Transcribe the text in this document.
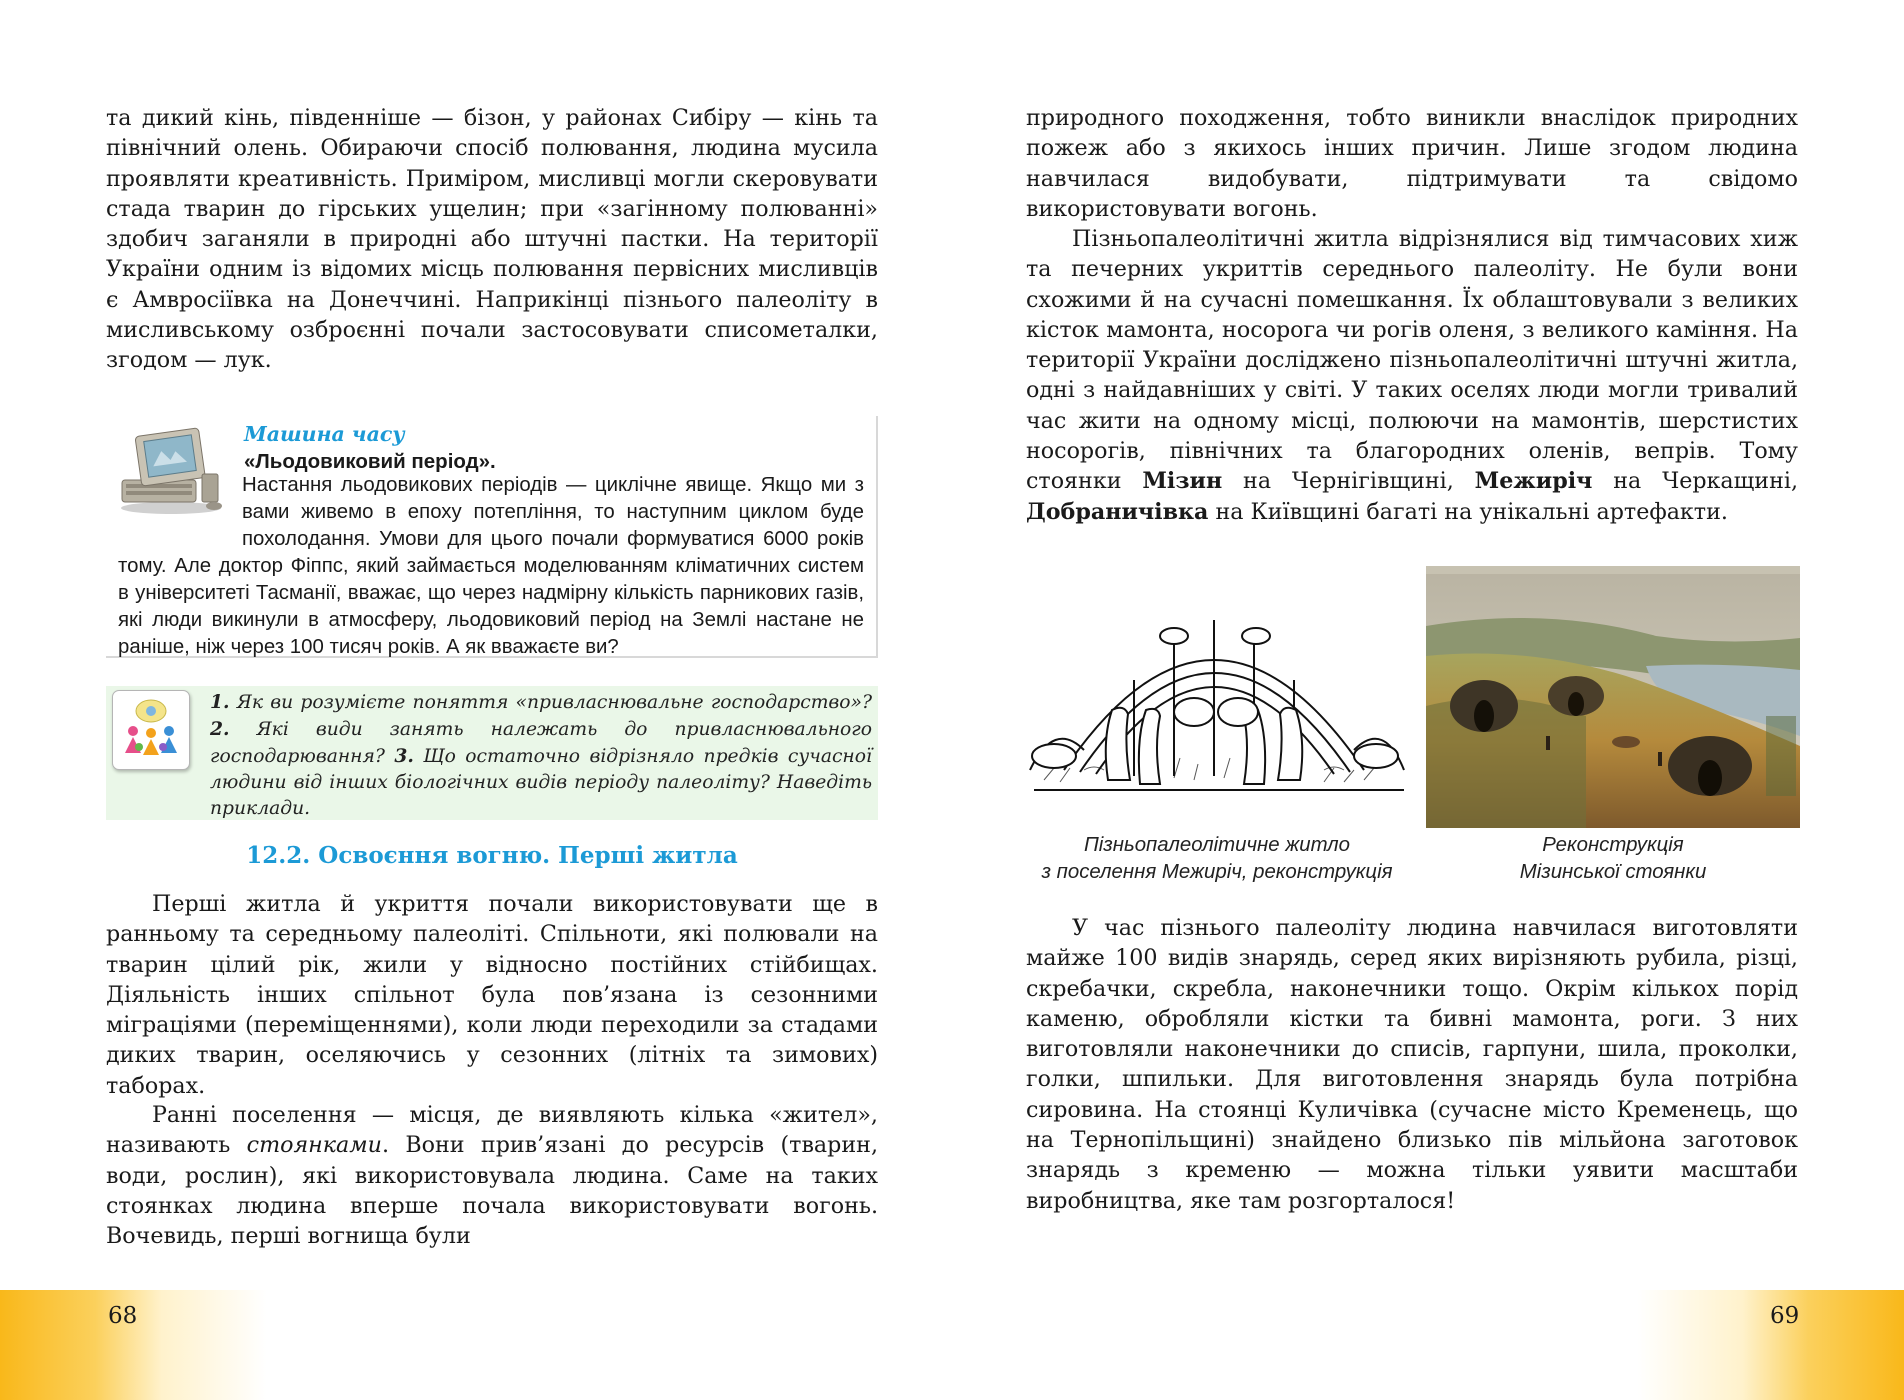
та дикий кінь, південніше — бізон, у районах Сибіру — кінь та північний олень. Обираючи спосіб полювання, людина мусила проявляти креативність. Приміром, мисливці могли скеровувати стада тварин до гірських ущелин; при «загінному полюванні» здобич заганяли в природні або штучні пастки. На території України одним із відомих місць полювання первісних мисливців є Амвросіївка на Донеччині. Наприкінці пізнього палеоліту в мисливському озброєнні почали застосовувати списометалки, згодом — лук.

Машина часу
«Льодовиковий період».

Настання льодовикових періодів — циклічне явище. Якщо ми з вами живемо в епоху потепління, то наступним циклом буде похолодання. Умови для цього почали формуватися 6000 років тому. Але доктор Фіппс, який займається моделюванням кліматичних систем в університеті Тасманії, вважає, що через надмірну кількість парникових газів, які люди викинули в атмосферу, льодовиковий період на Землі настане не раніше, ніж через 100 тисяч років. А як вважаєте ви?

1. Як ви розумієте поняття «привласнювальне господарство»? 2. Які види занять належать до привласнювального господарювання? 3. Що остаточно відрізняло предків сучасної людини від інших біологічних видів періоду палеоліту? Наведіть приклади.

12.2. Освоєння вогню. Перші житла

Перші житла й укриття почали використовувати ще в ранньому та середньому палеоліті. Спільноти, які полювали на тварин цілий рік, жили у відносно постійних стійбищах. Діяльність інших спільнот була пов’язана із сезонними міграціями (переміщеннями), коли люди переходили за стадами диких тварин, оселяючись у сезонних (літніх та зимових) таборах.

Ранні поселення — місця, де виявляють кілька «жител», називають стоянками. Вони прив’язані до ресурсів (тварин, води, рослин), які використовувала людина. Саме на таких стоянках людина вперше почала використовувати вогонь. Вочевидь, перші вогнища були

природного походження, тобто виникли внаслідок природних пожеж або з якихось інших причин. Лише згодом людина навчилася видобувати, підтримувати та свідомо використовувати вогонь.

Пізньопалеолітичні житла відрізнялися від тимчасових хиж та печерних укриттів середнього палеоліту. Не були вони схожими й на сучасні помешкання. Їх облаштовували з великих кісток мамонта, носорога чи рогів оленя, з великого каміння. На території України досліджено пізньопалеолітичні штучні житла, одні з найдавніших у світі. У таких оселях люди могли тривалий час жити на одному місці, полюючи на мамонтів, шерстистих носорогів, північних та благородних оленів, вепрів. Тому стоянки Мізин на Чернігівщині, Межиріч на Черкащині, Добраничівка на Київщині багаті на унікальні артефакти.

Пізньопалеолітичне житло
з поселення Межиріч, реконструкція
Реконструкція
Мізинської стоянки

У час пізнього палеоліту людина навчилася виготовляти майже 100 видів знарядь, серед яких вирізняють рубила, різці, скребачки, скребла, наконечники тощо. Окрім кількох порід каменю, обробляли кістки та бивні мамонта, роги. З них виготовляли наконечники до списів, гарпуни, шила, проколки, голки, шпильки. Для виготовлення знарядь була потрібна сировина. На стоянці Куличівка (сучасне місто Кременець, що на Тернопільщині) знайдено близько пів мільйона заготовок знарядь з кременю — можна тільки уявити масштаби виробництва, яке там розгорталося!

68	69
